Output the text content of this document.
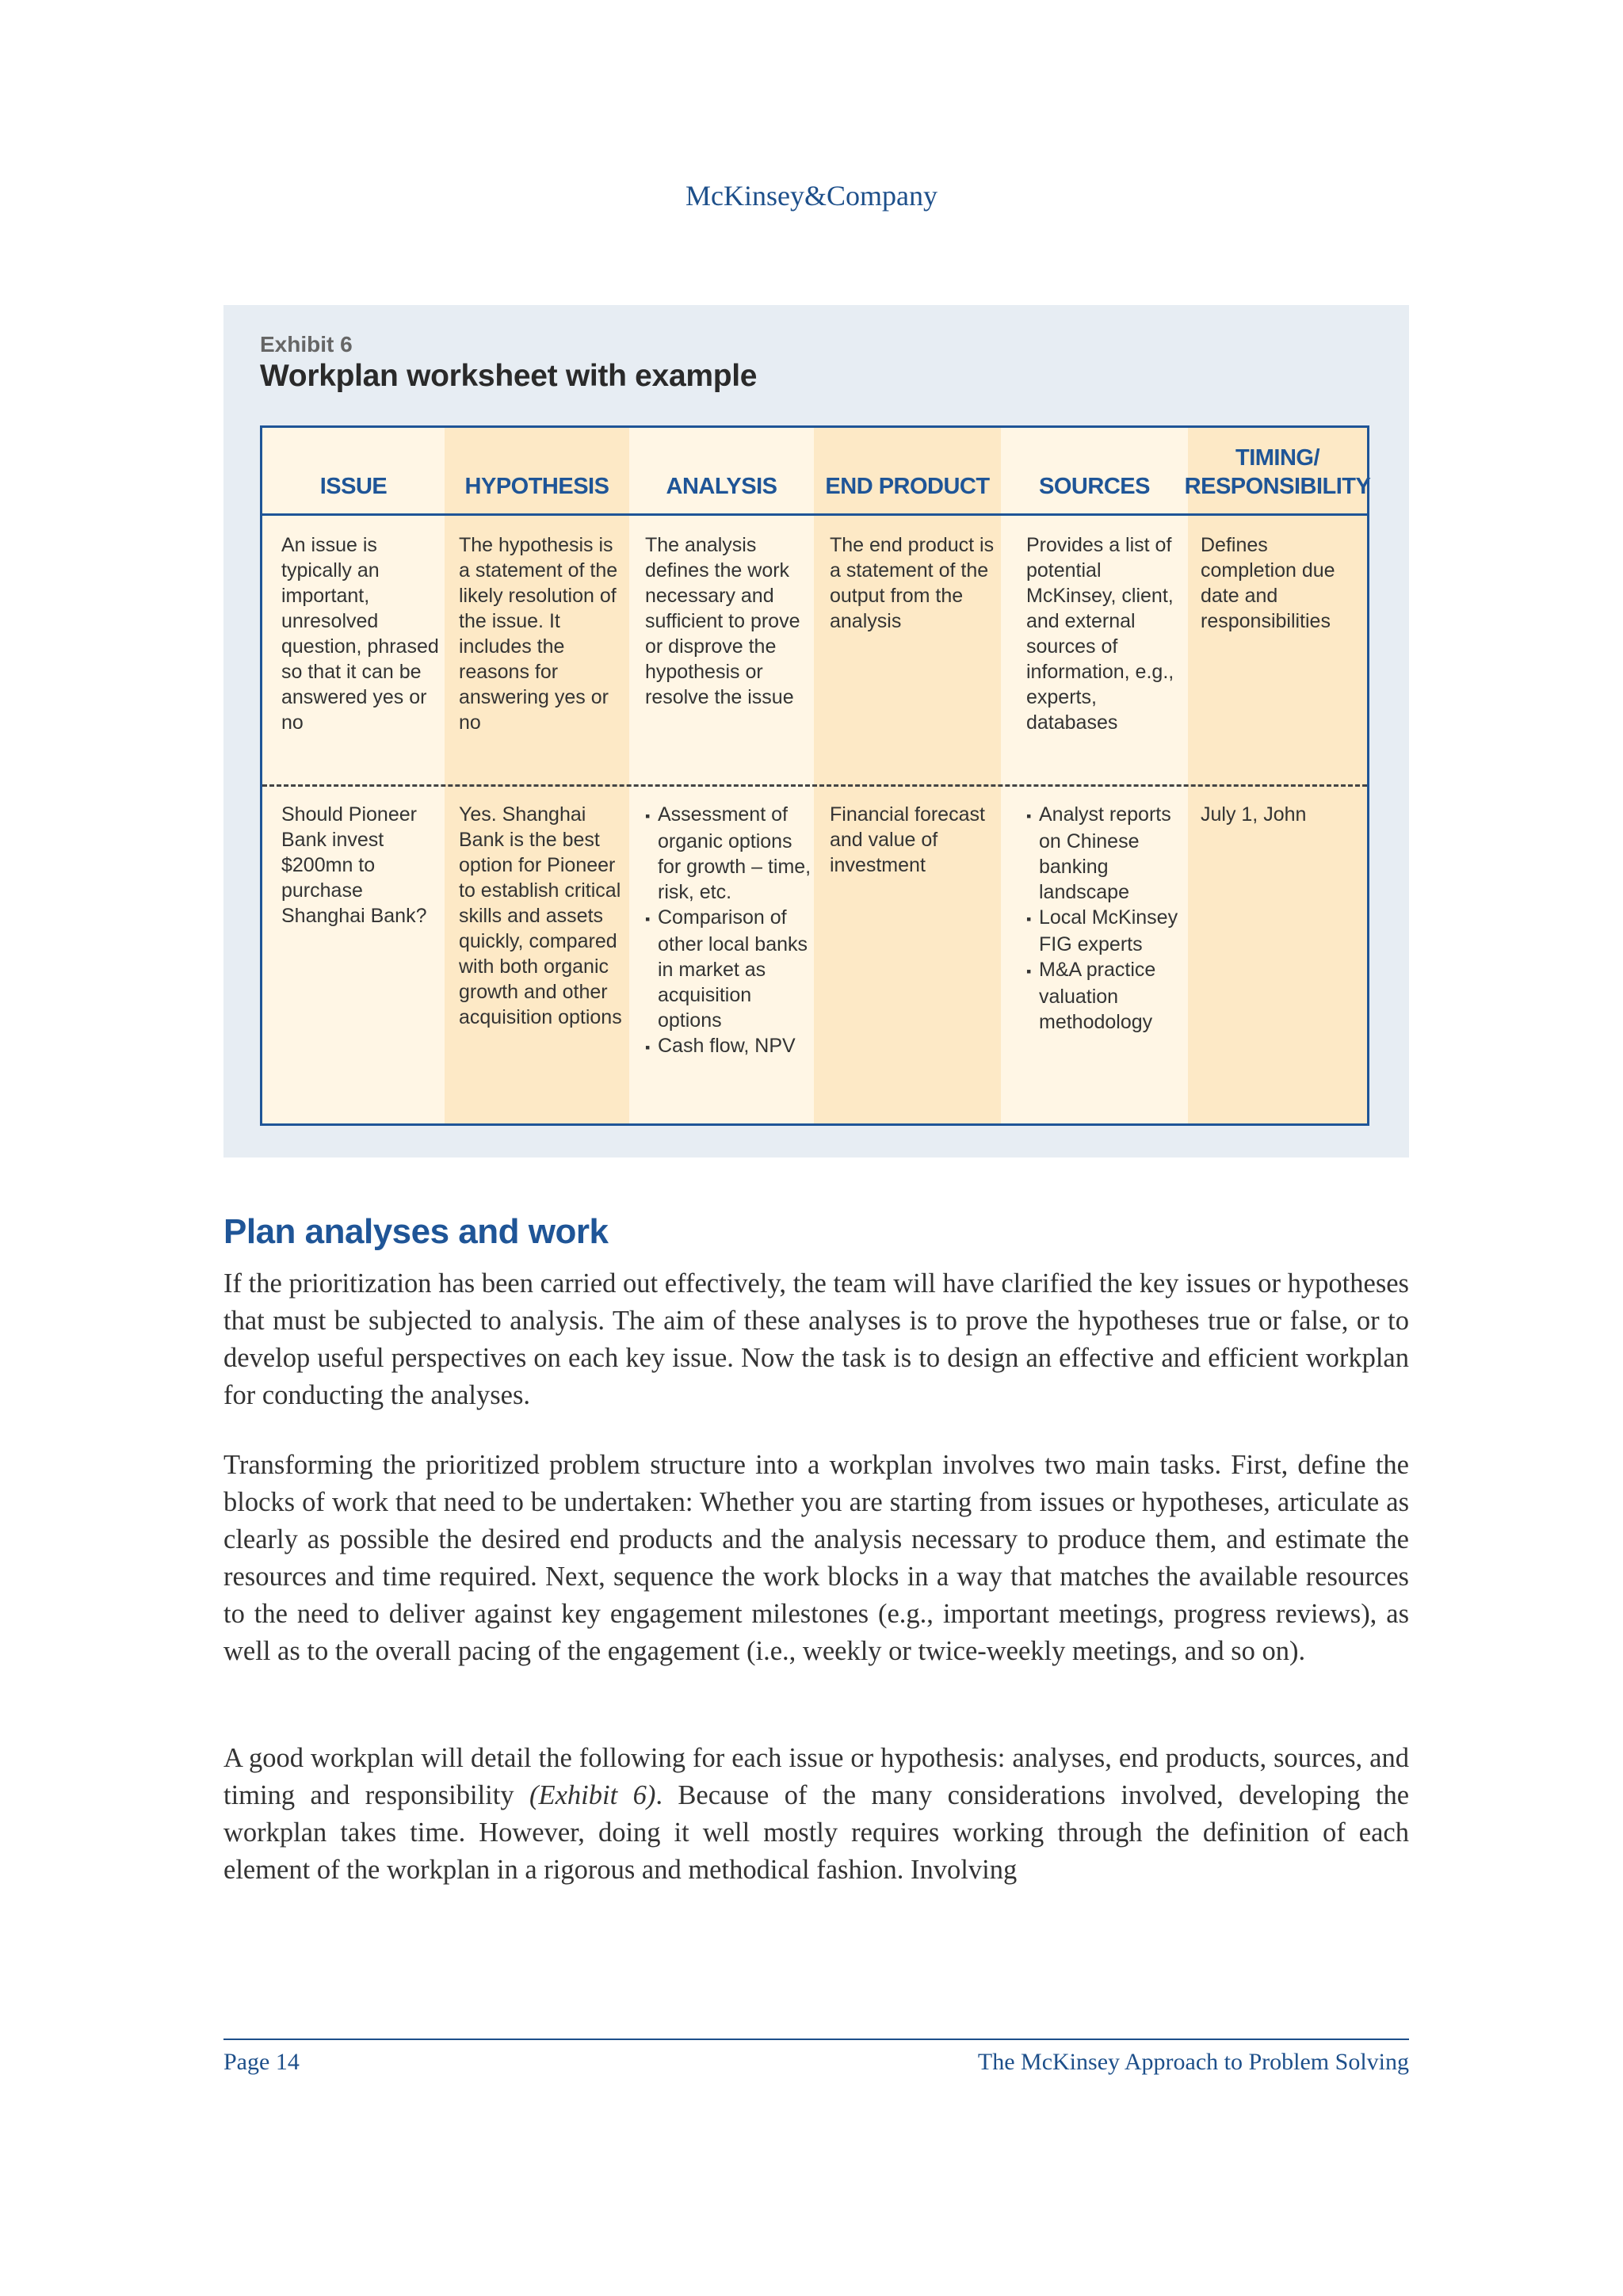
McKinsey&Company
Exhibit 6
Workplan worksheet with example
ISSUE
An issue is typically an important, unresolved question, phrased so that it can be answered yes or no
Should Pioneer Bank invest $200mn to purchase Shanghai Bank?
HYPOTHESIS
The hypothesis is a statement of the likely resolution of the issue. It includes the reasons for answering yes or no
Yes. Shanghai Bank is the best option for Pioneer to establish critical skills and assets quickly, compared with both organic growth and other acquisition options
ANALYSIS
The analysis defines the work necessary and sufficient to prove or disprove the hypothesis or resolve the issue
▪ Assessment of organic options for growth – time, risk, etc.
▪ Comparison of other local banks in market as acquisition options
▪ Cash flow, NPV
END PRODUCT
The end product is a statement of the output from the analysis
Financial forecast and value of investment
SOURCES
Provides a list of potential McKinsey, client, and external sources of information, e.g., experts, databases
▪ Analyst reports on Chinese banking landscape
▪ Local McKinsey FIG experts
▪ M&A practice valuation methodology
TIMING/
RESPONSIBILITY
Defines completion due date and responsibilities
July 1, John
Plan analyses and work
If the prioritization has been carried out effectively, the team will have clarified the key issues or hypotheses that must be subjected to analysis. The aim of these analyses is to prove the hypotheses true or false, or to develop useful perspectives on each key issue. Now the task is to design an effective and efficient workplan for conducting the analyses.
Transforming the prioritized problem structure into a workplan involves two main tasks. First, define the blocks of work that need to be undertaken: Whether you are starting from issues or hypotheses, articulate as clearly as possible the desired end products and the analysis necessary to produce them, and estimate the resources and time required. Next, sequence the work blocks in a way that matches the available resources to the need to deliver against key engagement milestones (e.g., important meetings, progress reviews), as well as to the overall pacing of the engagement (i.e., weekly or twice-weekly meetings, and so on).
A good workplan will detail the following for each issue or hypothesis: analyses, end products, sources, and timing and responsibility (Exhibit 6). Because of the many considerations involved, developing the workplan takes time. However, doing it well mostly requires working through the definition of each element of the workplan in a rigorous and methodical fashion. Involving
Page 14	The McKinsey Approach to Problem Solving
